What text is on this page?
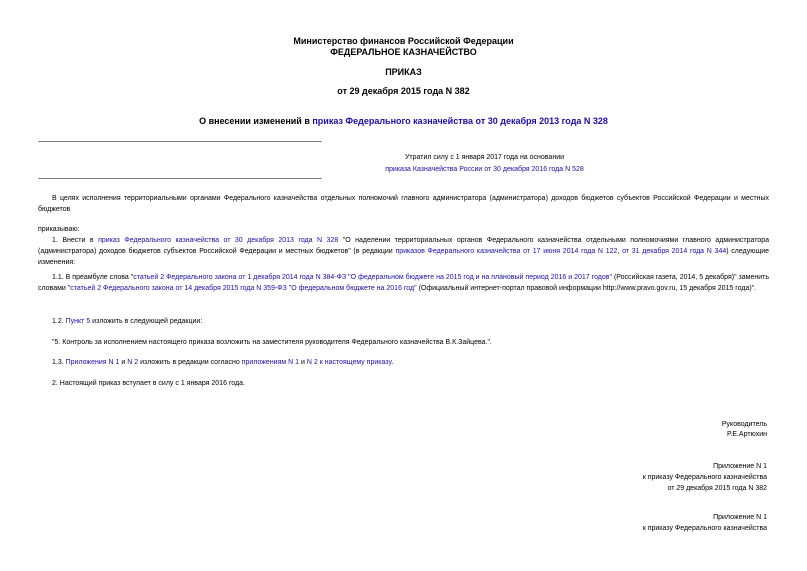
Министерство финансов Российской Федерации
ФЕДЕРАЛЬНОЕ КАЗНАЧЕЙСТВО
ПРИКАЗ
от 29 декабря 2015 года N 382
О внесении изменений в приказ Федерального казначейства от 30 декабря 2013 года N 328
Утратил силу с 1 января 2017 года на основании
приказа Казначейства России от 30 декабря 2016 года N 528
В целях исполнения территориальными органами Федерального казначейства отдельных полномочий главного администратора (администратора) доходов бюджетов субъектов Российской Федерации и местных бюджетов
приказываю:
1. Внести в приказ Федерального казначейства от 30 декабря 2013 года N 328 "О наделении территориальных органов Федерального казначейства отдельными полномочиями главного администратора (администратора) доходов бюджетов субъектов Российской Федерации и местных бюджетов" (в редакции приказов Федерального казначейства от 17 июня 2014 года N 122, от 31 декабря 2014 года N 344) следующие изменения:
1.1. В преамбуле слова "статьей 2 Федерального закона от 1 декабря 2014 года N 384-ФЗ "О федеральном бюджете на 2015 год и на плановый период 2016 и 2017 годов" (Российская газета, 2014, 5 декабря)" заменить словами "статьей 2 Федерального закона от 14 декабря 2015 года N 359-ФЗ "О федеральном бюджете на 2016 год" (Официальный интернет-портал правовой информации http://www.pravo.gov.ru, 15 декабря 2015 года)".
1.2. Пункт 5 изложить в следующей редакции:
"5. Контроль за исполнением настоящего приказа возложить на заместителя руководителя Федерального казначейства В.К.Зайцева.".
1.3. Приложения N 1 и N 2 изложить в редакции согласно приложениям N 1 и N 2 к настоящему приказу.
2. Настоящий приказ вступает в силу с 1 января 2016 года.
Руководитель
Р.Е.Артюхин
Приложение N 1
к приказу Федерального казначейства
от 29 декабря 2015 года N 382
Приложение N 1
к приказу Федерального казначейства
